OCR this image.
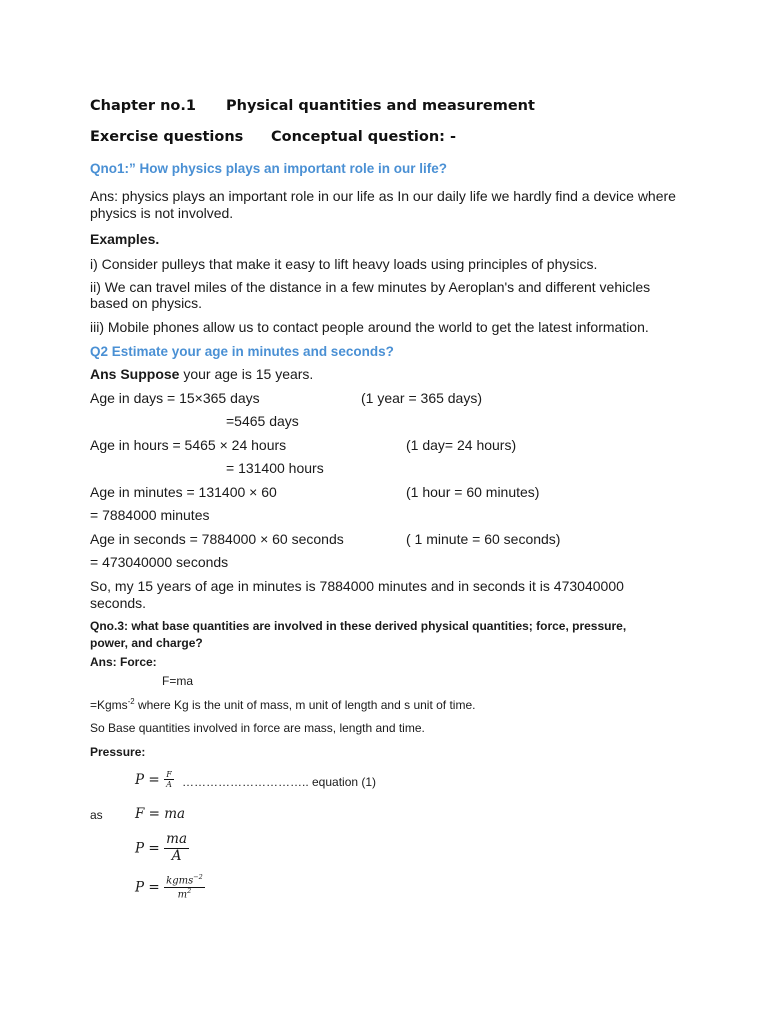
Chapter no.1 Physical quantities and measurement
Exercise questions Conceptual question: -
Qno1:” How physics plays an important role in our life?
Ans: physics plays an important role in our life as In our daily life we hardly find a device where
physics is not involved.
Examples.
i) Consider pulleys that make it easy to lift heavy loads using principles of physics.
ii) We can travel miles of the distance in a few minutes by Aeroplan's and different vehicles
based on physics.
iii) Mobile phones allow us to contact people around the world to get the latest information.
Q2 Estimate your age in minutes and seconds?
Ans Suppose your age is 15 years.
Age in days = 15×365 days	(1 year = 365 days)
=5465 days
Age in hours = 5465 × 24 hours	(1 day= 24 hours)
= 131400 hours
Age in minutes = 131400 × 60	(1 hour = 60 minutes)
= 7884000 minutes
Age in seconds = 7884000 × 60 seconds	( 1 minute = 60 seconds)
= 473040000 seconds
So, my 15 years of age in minutes is 7884000 minutes and in seconds it is 473040000
seconds.
Qno.3: what base quantities are involved in these derived physical quantities; force, pressure,
power, and charge?
Ans: Force:
F=ma
=Kgms$^{-2}$ where Kg is the unit of mass, m unit of length and s unit of time.
So Base quantities involved in force are mass, length and time.
Pressure:
$P = \frac{F}{A}$ ………………………….. equation (1)
as F = ma
$P = \frac{ma}{A}$
$P = \frac{kgms^{-2}}{m^2}$
